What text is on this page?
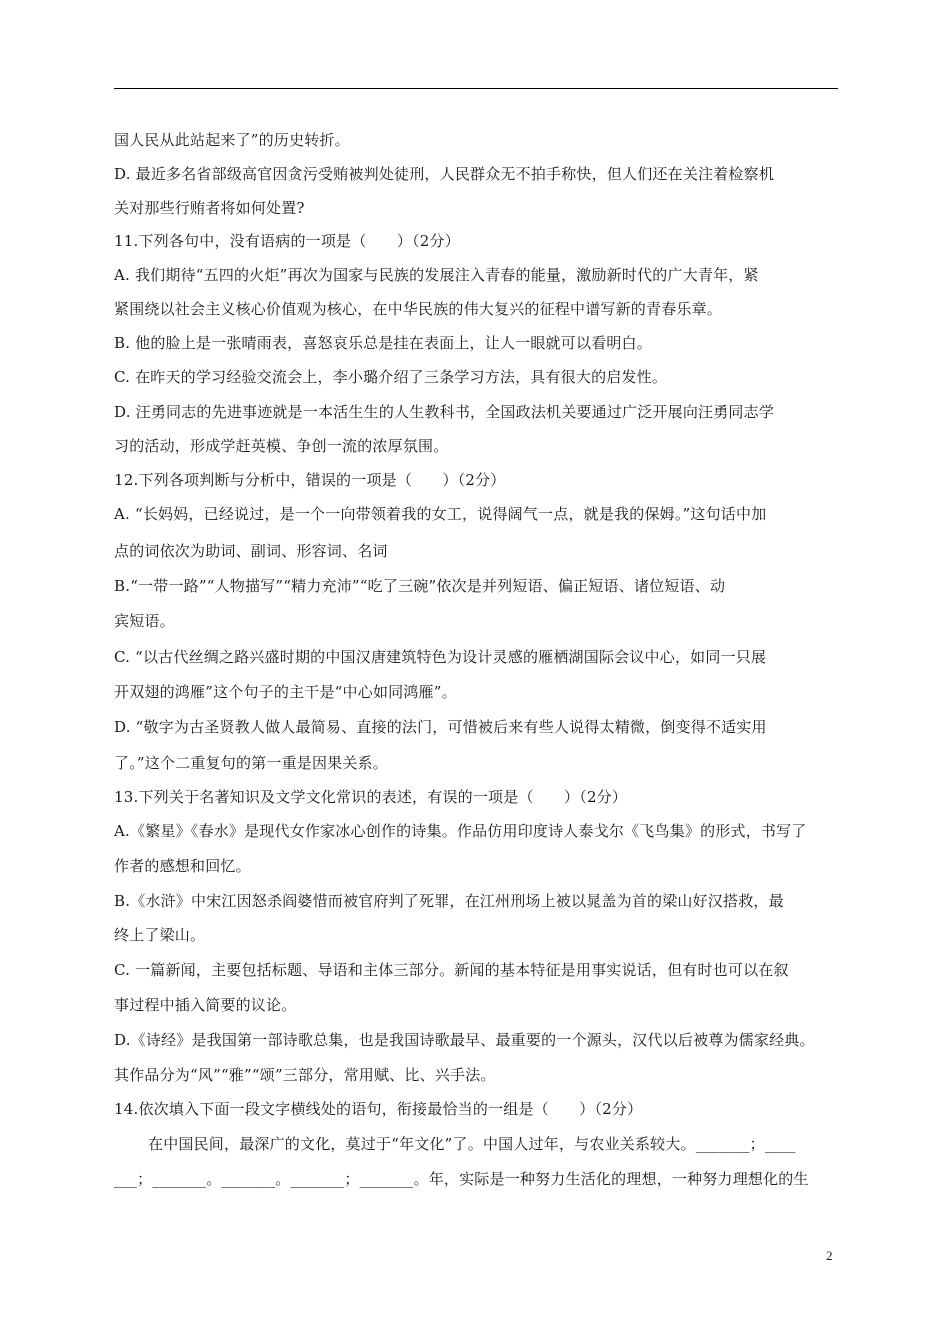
国人民从此站起来了”的历史转折。
D. 最近多名省部级高官因贪污受贿被判处徒刑，人民群众无不拍手称快，但人们还在关注着检察机
关对那些行贿者将如何处置?
11.下列各句中，没有语病的一项是（　　）（2分）
A. 我们期待“五四的火炬”再次为国家与民族的发展注入青春的能量，激励新时代的广大青年，紧
紧围绕以社会主义核心价值观为核心，在中华民族的伟大复兴的征程中谱写新的青春乐章。
B. 他的脸上是一张晴雨表，喜怒哀乐总是挂在表面上，让人一眼就可以看明白。
C. 在昨天的学习经验交流会上，李小璐介绍了三条学习方法，具有很大的启发性。
D. 汪勇同志的先进事迹就是一本活生生的人生教科书，全国政法机关要通过广泛开展向汪勇同志学
习的活动，形成学赶英模、争创一流的浓厚氛围。
12.下列各项判断与分析中，错误的一项是（　　）（2分）
A. “长妈妈，已经说过，是一个一向带领着我的女工，说得阔气一点，就是我的保姆。”这句话中加
点的词依次为助词、副词、形容词、名词
B.“一带一路”“人物描写”“精力充沛”“吃了三碗”依次是并列短语、偏正短语、诸位短语、动
宾短语。
C. “以古代丝绸之路兴盛时期的中国汉唐建筑特色为设计灵感的雁栖湖国际会议中心，如同一只展
开双翅的鸿雁”这个句子的主干是“中心如同鸿雁”。
D. “敬字为古圣贤教人做人最简易、直接的法门，可惜被后来有些人说得太精微，倒变得不适实用
了。”这个二重复句的第一重是因果关系。
13.下列关于名著知识及文学文化常识的表述，有误的一项是（　　）（2分）
A.《繁星》《春水》是现代女作家冰心创作的诗集。作品仿用印度诗人泰戈尔《飞鸟集》的形式，书写了
作者的感想和回忆。
B.《水浒》中宋江因怒杀阎婆惜而被官府判了死罪，在江州刑场上被以晁盖为首的梁山好汉搭救，最
终上了梁山。
C. 一篇新闻，主要包括标题、导语和主体三部分。新闻的基本特征是用事实说话，但有时也可以在叙
事过程中插入简要的议论。
D.《诗经》是我国第一部诗歌总集，也是我国诗歌最早、最重要的一个源头，汉代以后被尊为儒家经典。
其作品分为“风”“雅”“颂”三部分，常用赋、比、兴手法。
14.依次填入下面一段文字横线处的语句，衔接最恰当的一组是（　　）（2分）
在中国民间，最深广的文化，莫过于“年文化”了。中国人过年，与农业关系较大。_______；____
___；_______。_______。_______；_______。年，实际是一种努力生活化的理想，一种努力理想化的生
2
